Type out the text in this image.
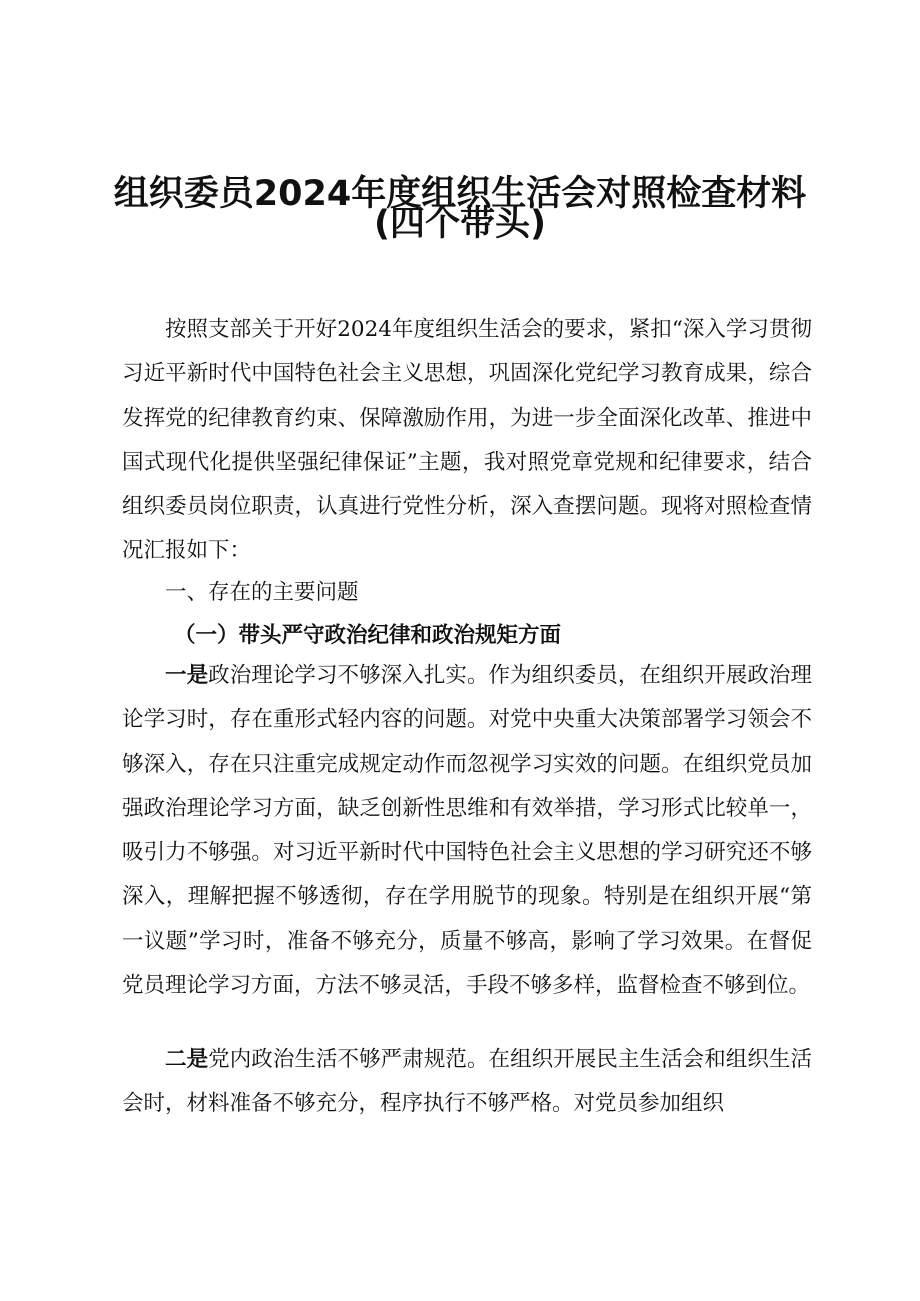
组织委员2024年度组织生活会对照检查材料
(四个带头)

按照支部关于开好2024年度组织生活会的要求，紧扣“深入学习贯彻习近平新时代中国特色社会主义思想，巩固深化党纪学习教育成果，综合发挥党的纪律教育约束、保障激励作用，为进一步全面深化改革、推进中国式现代化提供坚强纪律保证”主题，我对照党章党规和纪律要求，结合组织委员岗位职责，认真进行党性分析，深入查摆问题。现将对照检查情况汇报如下：

一、存在的主要问题
（一）带头严守政治纪律和政治规矩方面

一是政治理论学习不够深入扎实。作为组织委员，在组织开展政治理论学习时，存在重形式轻内容的问题。对党中央重大决策部署学习领会不够深入，存在只注重完成规定动作而忽视学习实效的问题。在组织党员加强政治理论学习方面，缺乏创新性思维和有效举措，学习形式比较单一，吸引力不够强。对习近平新时代中国特色社会主义思想的学习研究还不够深入，理解把握不够透彻，存在学用脱节的现象。特别是在组织开展“第一议题”学习时，准备不够充分，质量不够高，影响了学习效果。在督促党员理论学习方面，方法不够灵活，手段不够多样，监督检查不够到位。

二是党内政治生活不够严肃规范。在组织开展民主生活会和组织生活会时，材料准备不够充分，程序执行不够严格。对党员参加组织
